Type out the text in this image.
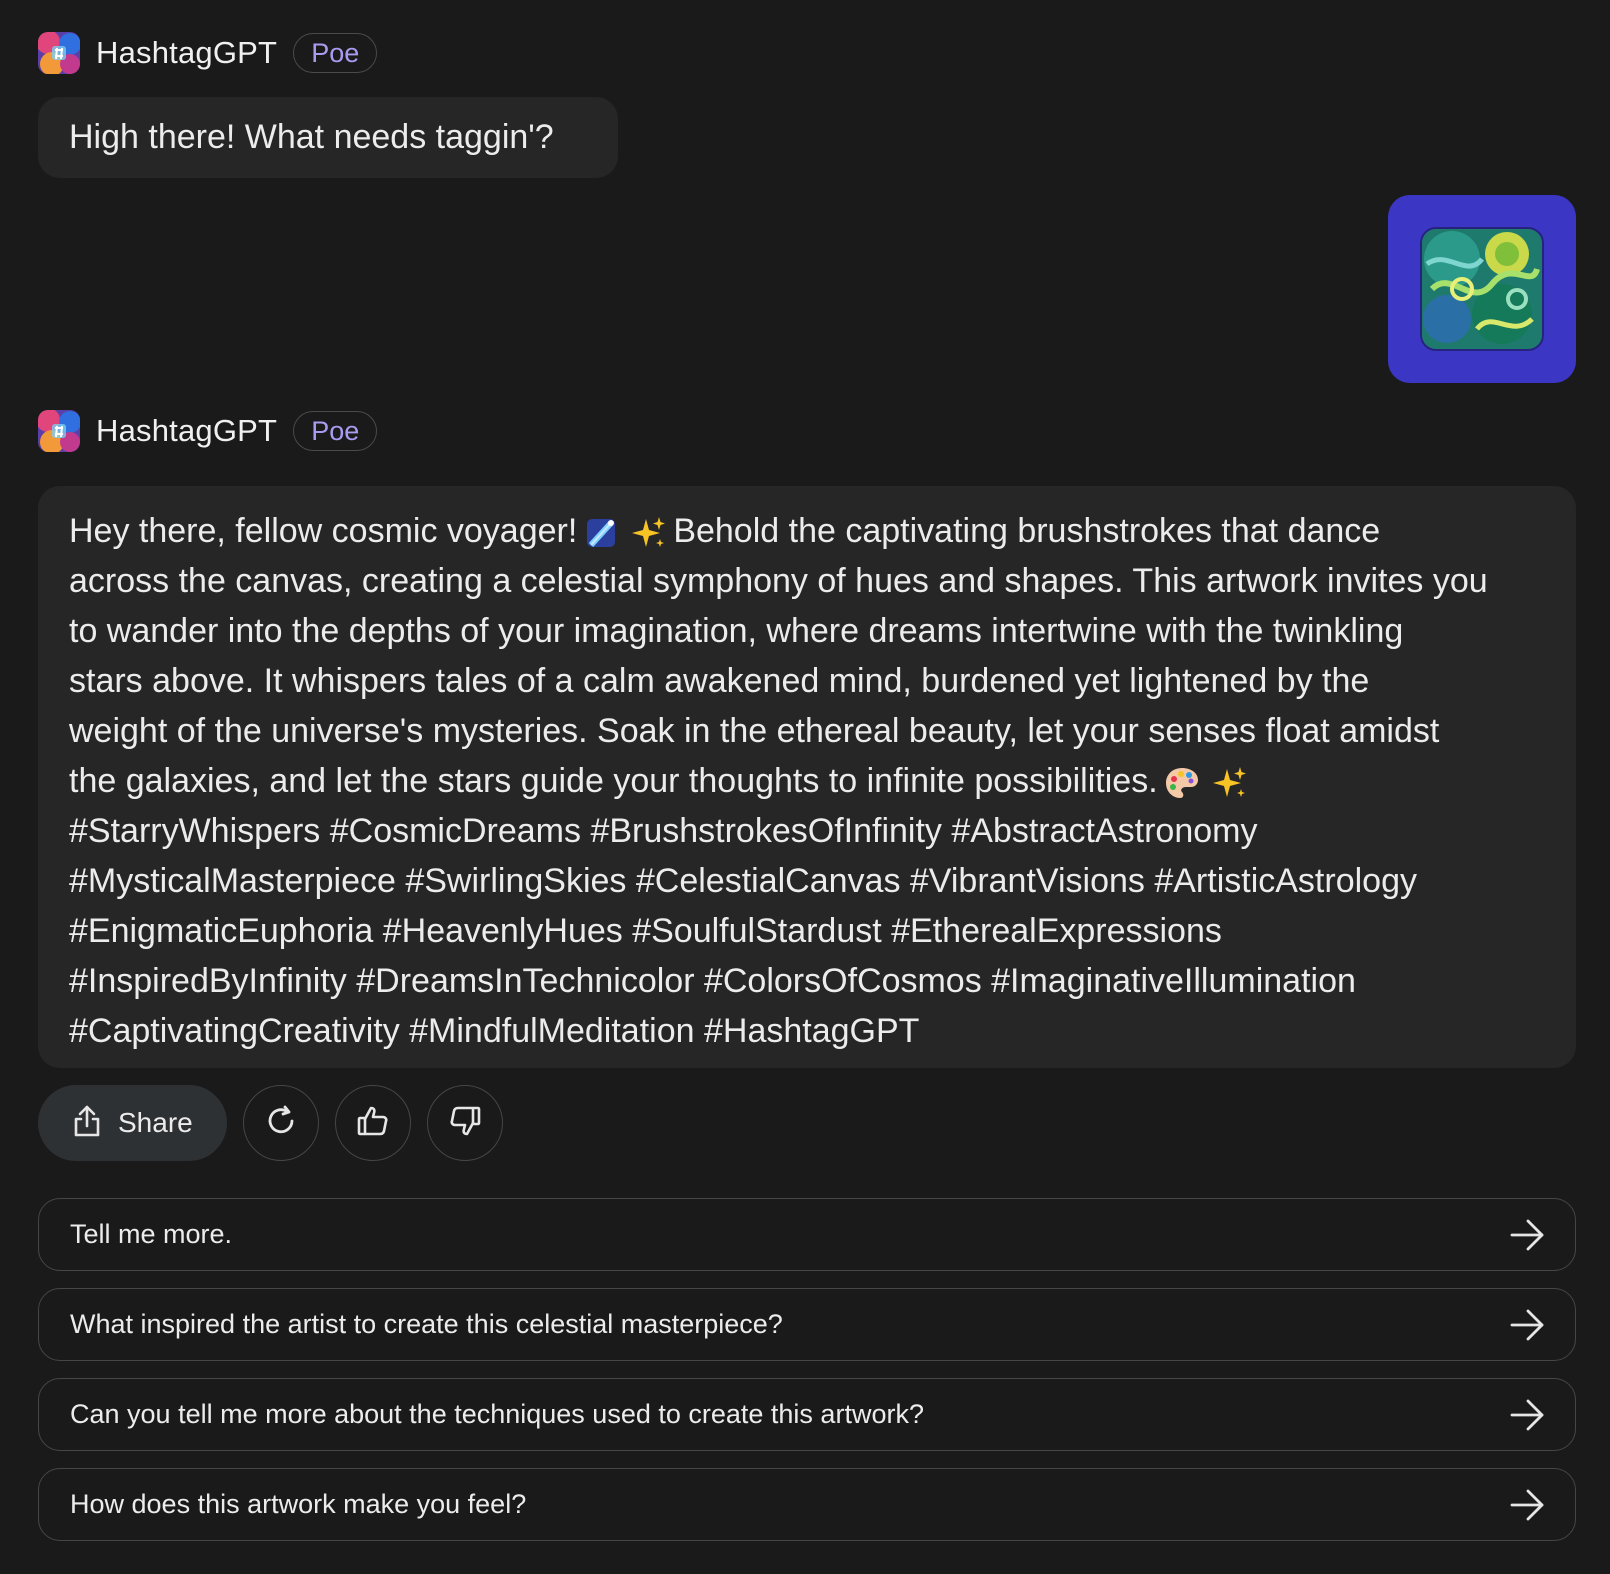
HashtagGPT	Poe
High there! What needs taggin'?
HashtagGPT	Poe

Hey there, fellow cosmic voyager!	Behold the captivating brushstrokes that dance
across the canvas, creating a celestial symphony of hues and shapes. This artwork invites you
to wander into the depths of your imagination, where dreams intertwine with the twinkling
stars above. It whispers tales of a calm awakened mind, burdened yet lightened by the
weight of the universe's mysteries. Soak in the ethereal beauty, let your senses float amidst
the galaxies, and let the stars guide your thoughts to infinite possibilities.

#StarryWhispers #CosmicDreams #BrushstrokesOfInfinity #AbstractAstronomy
#MysticalMasterpiece #SwirlingSkies #CelestialCanvas #VibrantVisions #ArtisticAstrology
#EnigmaticEuphoria #HeavenlyHues #SoulfulStardust #EtherealExpressions
#InspiredByInfinity #DreamsInTechnicolor #ColorsOfCosmos #ImaginativeIllumination
#CaptivatingCreativity #MindfulMeditation #HashtagGPT

Share
Tell me more.
What inspired the artist to create this celestial masterpiece?
Can you tell me more about the techniques used to create this artwork?
How does this artwork make you feel?
